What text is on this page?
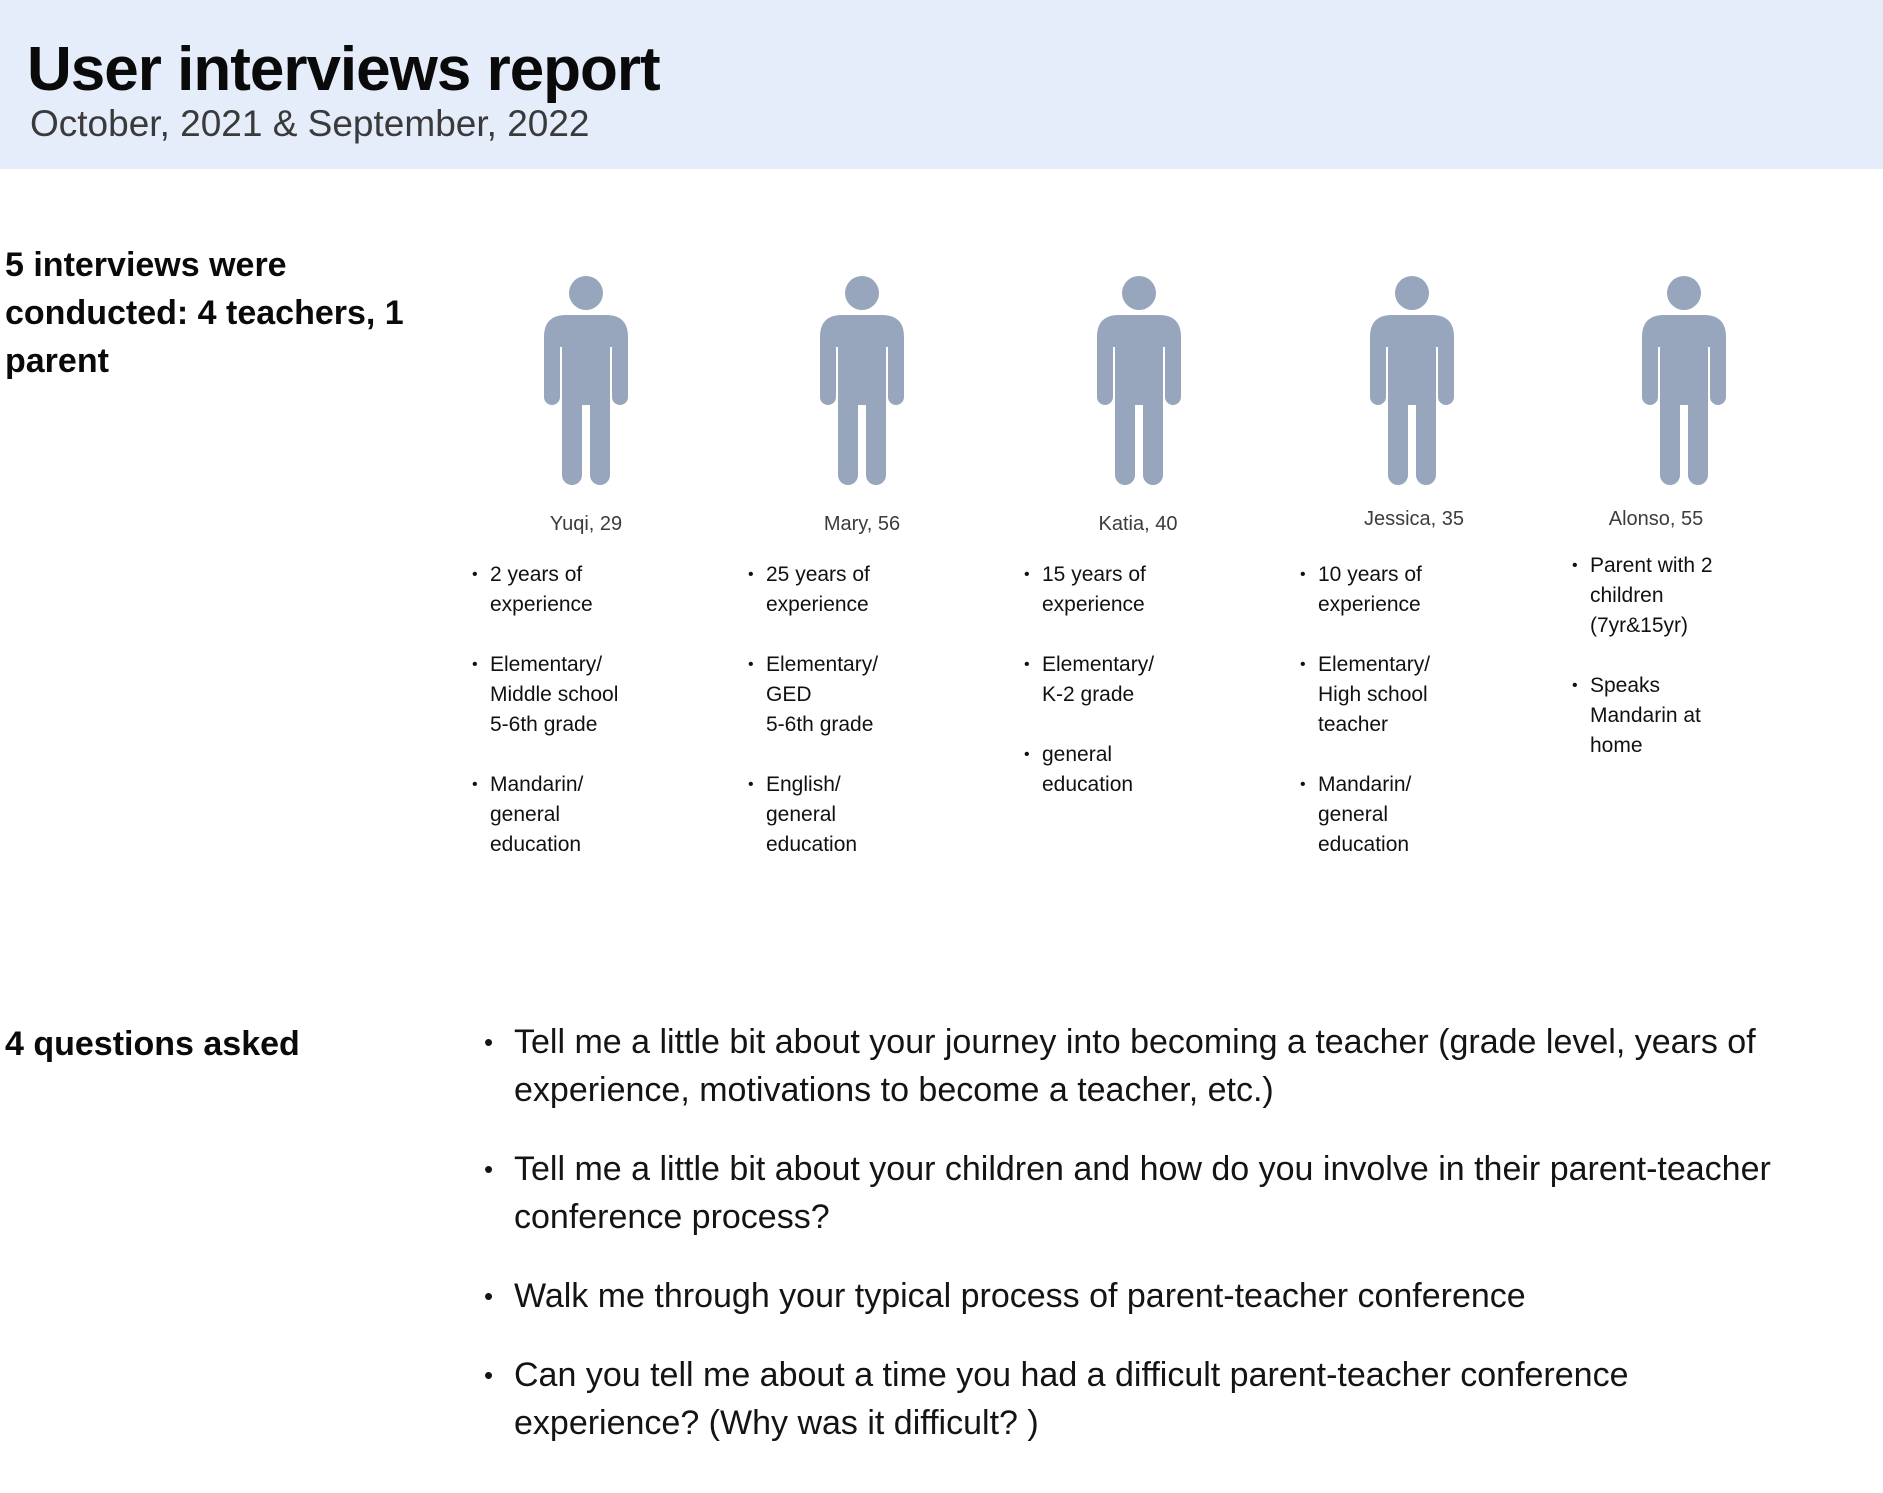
User interviews report
October, 2021 & September, 2022
5 interviews were conducted: 4 teachers, 1 parent
Yuqi, 29
• 2 years of
experience
• Elementary/
Middle school
5-6th grade
• Mandarin/
general
education
Mary, 56
• 25 years of
experience
• Elementary/
GED
5-6th grade
• English/
general
education
Katia, 40
• 15 years of
experience
• Elementary/
K-2 grade
• general
education
Jessica, 35
• 10 years of
experience
• Elementary/
High school
teacher
• Mandarin/
general
education
Alonso, 55
• Parent with 2
children
(7yr&15yr)
• Speaks
Mandarin at
home
4 questions asked
•	Tell me a little bit about your journey into becoming a teacher (grade level, years of experience, motivations to become a teacher, etc.)
• Tell me a little bit about your children and how do you involve in their parent-teacher conference process?
• Walk me through your typical process of parent-teacher conference
• Can you tell me about a time you had a difficult parent-teacher conference experience? (Why was it difficult? )
